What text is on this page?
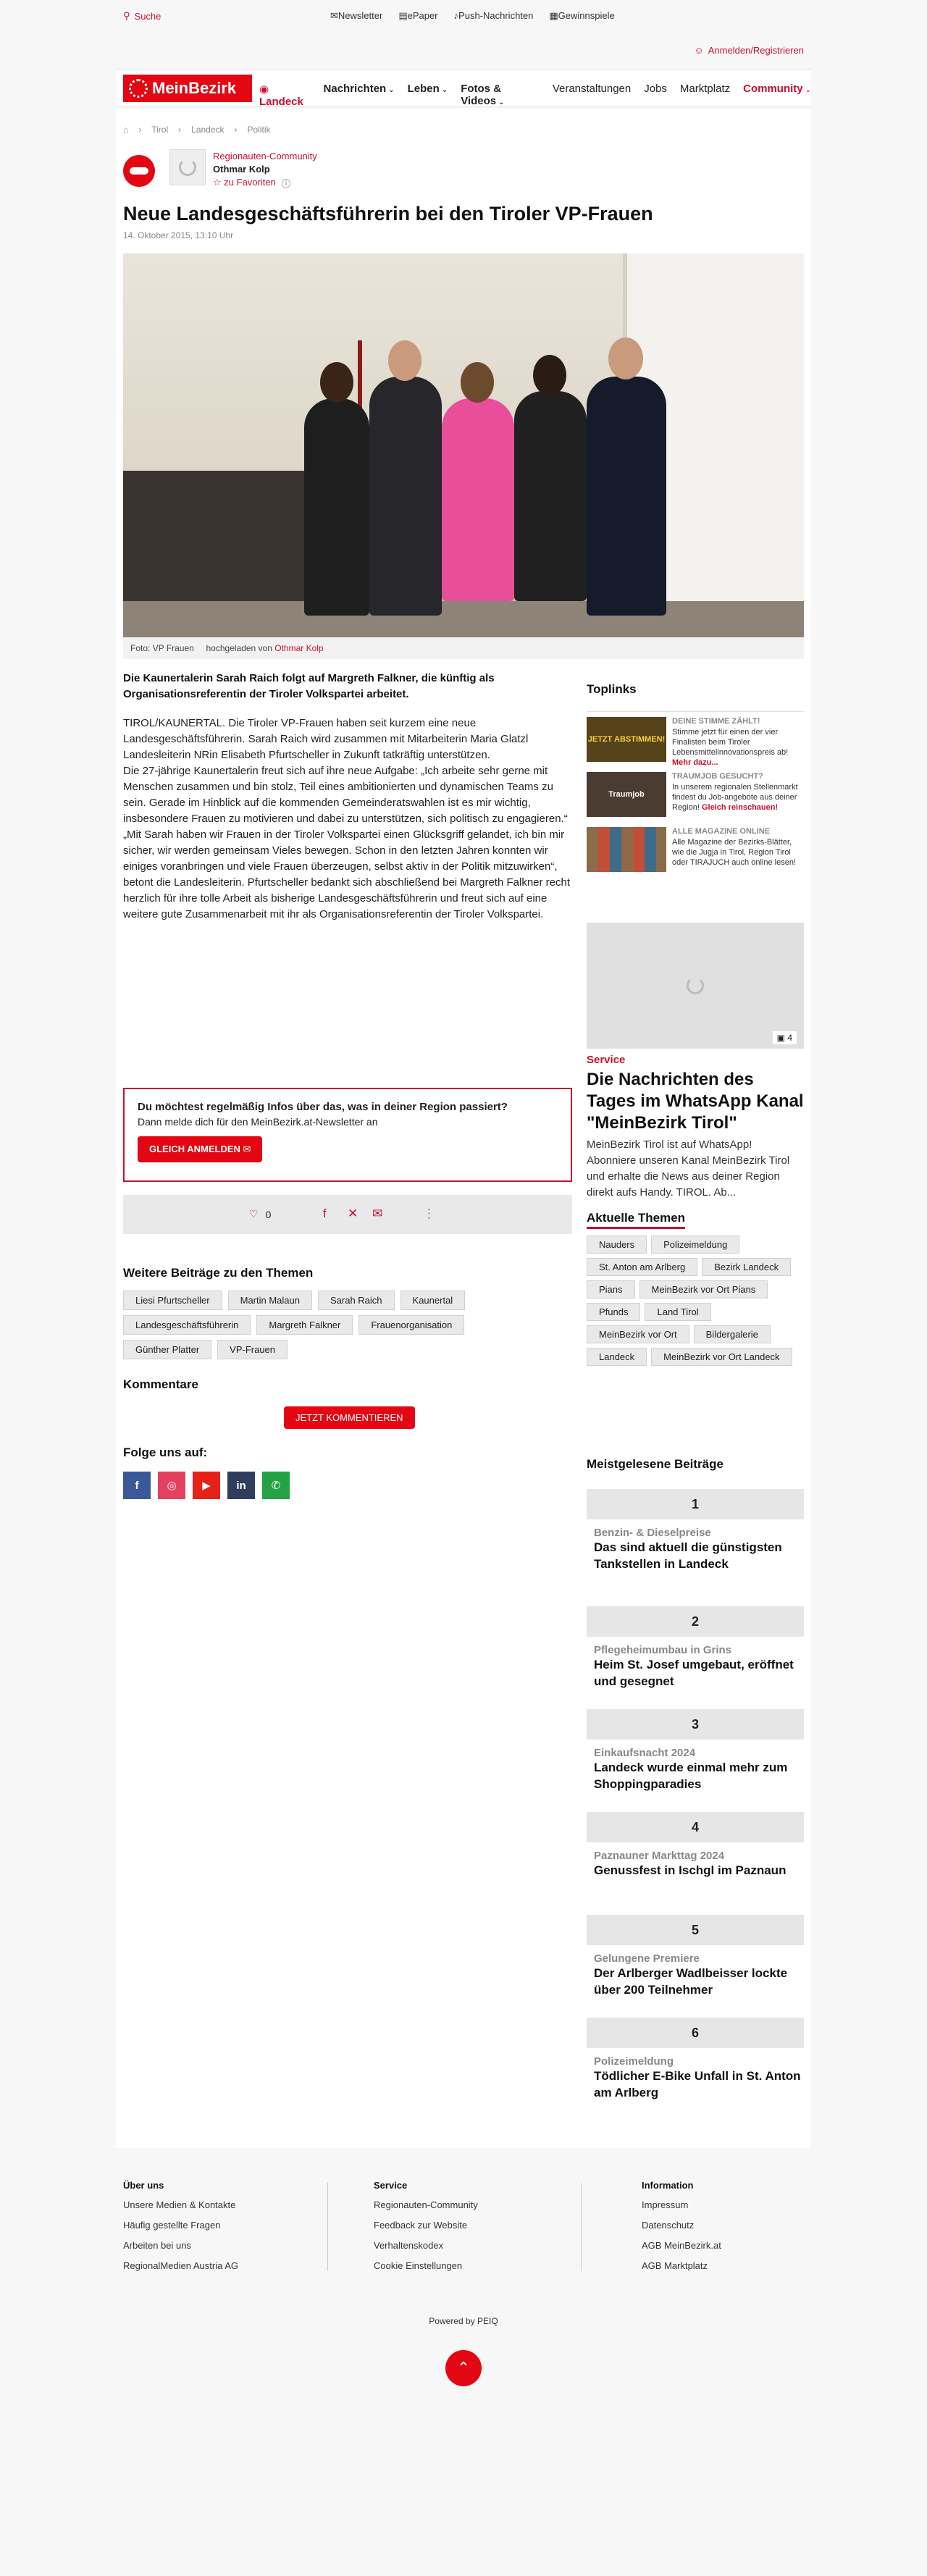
⚲ Suche	✉Newsletter ▤ePaper ♪Push-Nachrichten ▦Gewinnspiele
☺ Anmelden/Registrieren
MeinBezirk ◉ Landeck
Nachrichten ⌄ Leben ⌄ Fotos & Videos ⌄
Veranstaltungen Jobs Marktplatz Community ⌄
⌂ › Tirol › Landeck › Politik
Regionauten-Community
Othmar Kolp
☆ zu Favoriten i
Neue Landesgeschäftsführerin bei den Tiroler VP-Frauen
14. Oktober 2015, 13:10 Uhr
Foto: VP Frauen hochgeladen von Othmar Kolp
Die Kaunertalerin Sarah Raich folgt auf Margreth Falkner, die künftig als Organisationsreferentin der Tiroler Volkspartei arbeitet.

TIROL/KAUNERTAL. Die Tiroler VP-Frauen haben seit kurzem eine neue Landesgeschäftsführerin. Sarah Raich wird zusammen mit Mitarbeiterin Maria Glatzl Landesleiterin NRin Elisabeth Pfurtscheller in Zukunft tatkräftig unterstützen.

Die 27-jährige Kaunertalerin freut sich auf ihre neue Aufgabe: „Ich arbeite sehr gerne mit Menschen zusammen und bin stolz, Teil eines ambitionierten und dynamischen Teams zu sein. Gerade im Hinblick auf die kommenden Gemeinderatswahlen ist es mir wichtig, insbesondere Frauen zu motivieren und dabei zu unterstützen, sich politisch zu engagieren.“

„Mit Sarah haben wir Frauen in der Tiroler Volkspartei einen Glücksgriff gelandet, ich bin mir sicher, wir werden gemeinsam Vieles bewegen. Schon in den letzten Jahren konnten wir einiges voranbringen und viele Frauen überzeugen, selbst aktiv in der Politik mitzuwirken“, betont die Landesleiterin. Pfurtscheller bedankt sich abschließend bei Margreth Falkner recht herzlich für ihre tolle Arbeit als bisherige Landesgeschäftsführerin und freut sich auf eine weitere gute Zusammenarbeit mit ihr als Organisationsreferentin der Tiroler Volkspartei.

Du möchtest regelmäßig Infos über das, was in deiner Region passiert?
Dann melde dich für den MeinBezirk.at-Newsletter an
GLEICH ANMELDEN ✉
♡ 0	f ✕ ✉	⋮
Weitere Beiträge zu den Themen
Liesi Pfurtscheller	Martin Malaun	Sarah Raich	Kaunertal
Landesgeschäftsführerin	Margreth Falkner	Frauenorganisation
Günther Platter	VP-Frauen
Kommentare
JETZT KOMMENTIEREN
Folge uns auf:
f	◎	▶	in	✆
Toplinks
JETZT ABSTIMMEN!
DEINE STIMME ZÄHLT!
Stimme jetzt für einen der vier Finalisten beim Tiroler Lebensmittelinnovationspreis ab! Mehr dazu...
Traumjob
TRAUMJOB GESUCHT?
In unserem regionalen Stellenmarkt findest du Job-angebote aus deiner Region! Gleich reinschauen!
ALLE MAGAZINE ONLINE
Alle Magazine der Bezirks-Blätter, wie die Jugja in Tirol, Region Tirol oder TIRAJUCH auch online lesen!
▣ 4
Service
Die Nachrichten des Tages im WhatsApp Kanal "MeinBezirk Tirol"
MeinBezirk Tirol ist auf WhatsApp! Abonniere unseren Kanal MeinBezirk Tirol und erhalte die News aus deiner Region direkt aufs Handy. TIROL. Ab...
Aktuelle Themen
Nauders	Polizeimeldung
St. Anton am Arlberg	Bezirk Landeck
Pians	MeinBezirk vor Ort Pians
Pfunds	Land Tirol
MeinBezirk vor Ort	Bildergalerie
Landeck	MeinBezirk vor Ort Landeck
Meistgelesene Beiträge
1
Benzin- & Dieselpreise
Das sind aktuell die günstigsten Tankstellen in Landeck
2
Pflegeheimumbau in Grins
Heim St. Josef umgebaut, eröffnet und gesegnet
3
Einkaufsnacht 2024
Landeck wurde einmal mehr zum Shoppingparadies
4
Paznauner Markttag 2024
Genussfest in Ischgl im Paznaun
5
Gelungene Premiere
Der Arlberger Wadlbeisser lockte über 200 Teilnehmer
6
Polizeimeldung
Tödlicher E-Bike Unfall in St. Anton am Arlberg
Über uns
Unsere Medien & Kontakte
Häufig gestellte Fragen
Arbeiten bei uns
RegionalMedien Austria AG
Service
Regionauten-Community
Feedback zur Website
Verhaltenskodex
Cookie Einstellungen
Information
Impressum
Datenschutz
AGB MeinBezirk.at
AGB Marktplatz
Powered by PEIQ
⌃
